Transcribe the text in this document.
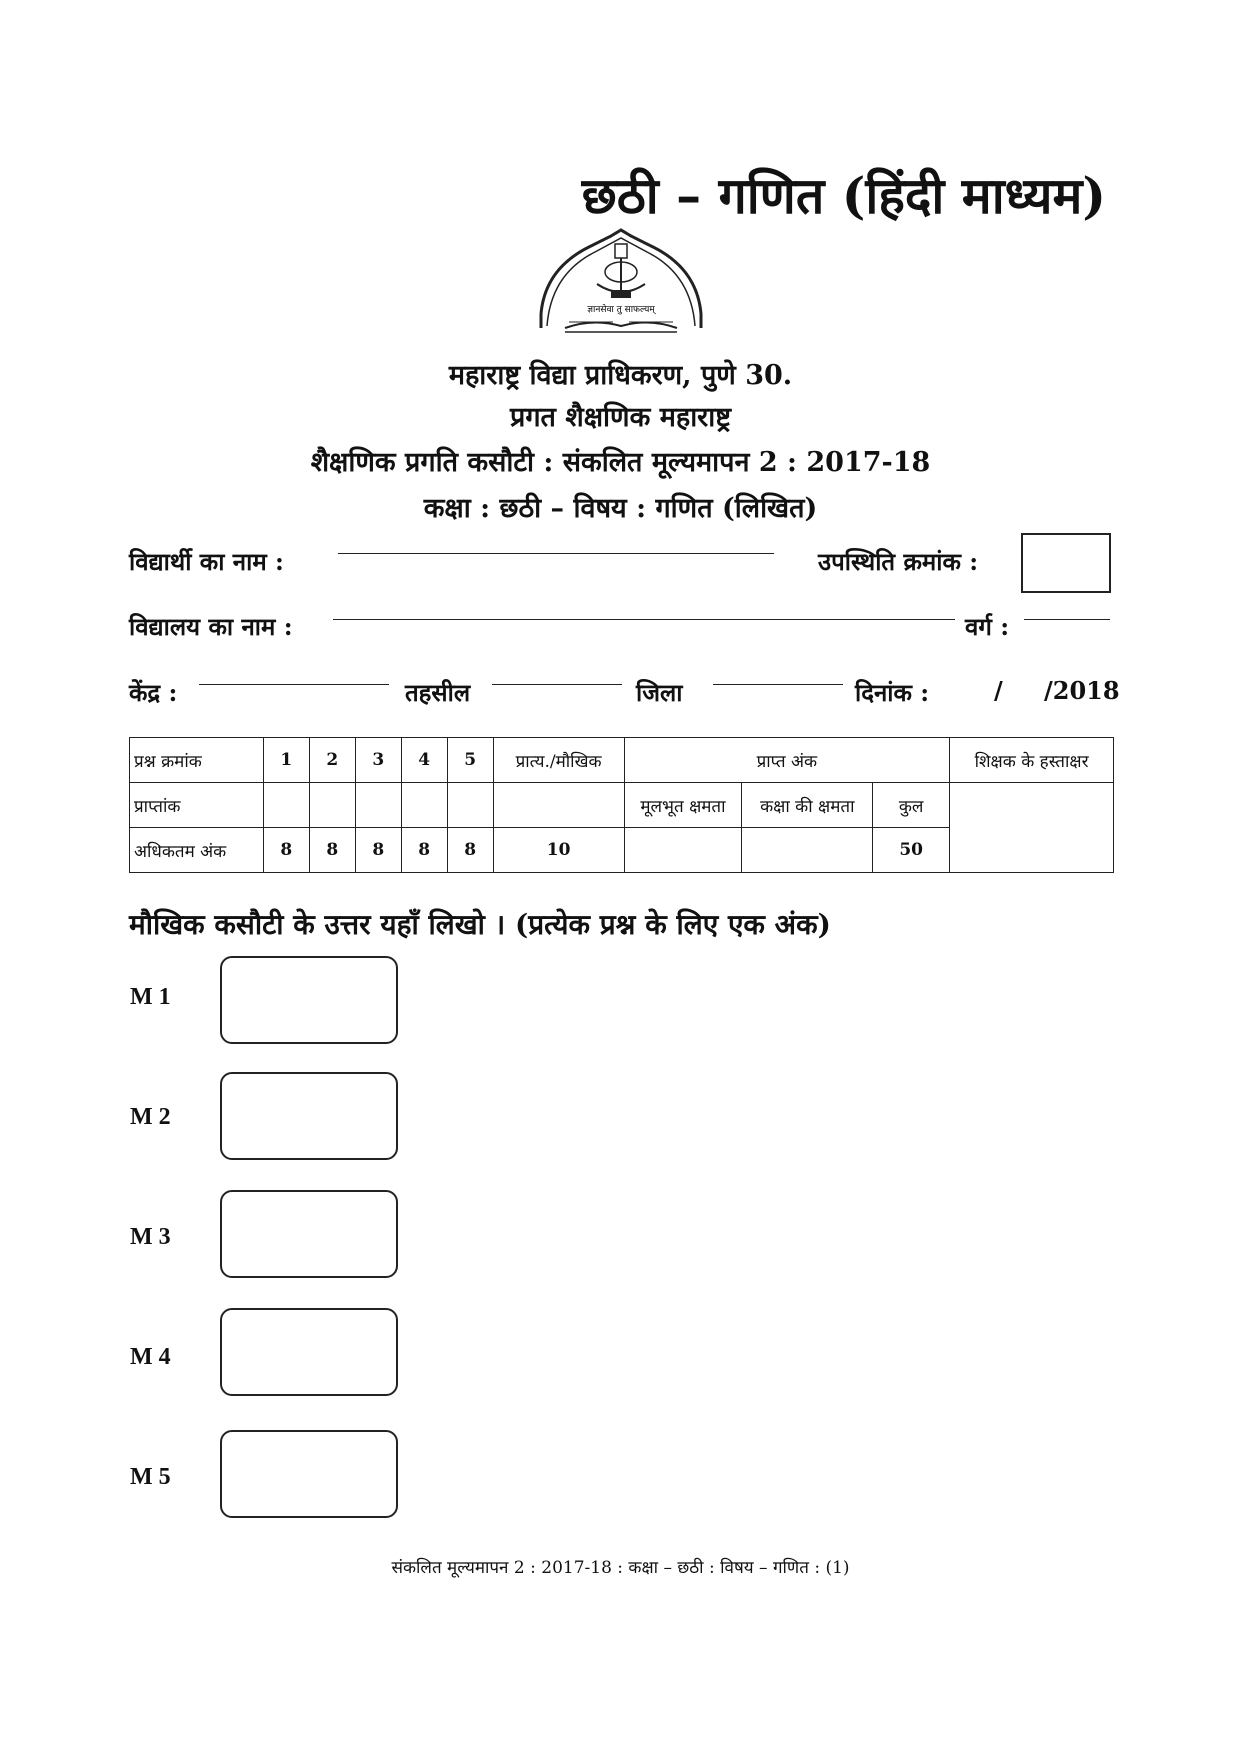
छठी – गणित (हिंदी माध्यम)
ज्ञानसेवा तु साफल्यम्
महाराष्ट्र विद्या प्राधिकरण, पुणे 30.
प्रगत शैक्षणिक महाराष्ट्र
शैक्षणिक प्रगति कसौटी : संकलित मूल्यमापन 2 : 2017-18
कक्षा : छठी – विषय : गणित (लिखित)
विद्यार्थी का नाम :	उपस्थिति क्रमांक :
विद्यालय का नाम :	वर्ग :
केंद्र :	तहसील	जिला	दिनांक :	/ /2018
प्रश्न क्रमांक	1	2	3	4	5	प्रात्य./मौखिक	प्राप्त अंक			शिक्षक के हस्ताक्षर
प्राप्तांक							मूलभूत क्षमता	कक्षा की क्षमता	कुल	
अधिकतम अंक	8	8	8	8	8	10			50	
मौखिक कसौटी के उत्तर यहाँ लिखो । (प्रत्येक प्रश्न के लिए एक अंक)
M 1
M 2
M 3
M 4
M 5
संकलित मूल्यमापन 2 : 2017-18 : कक्षा – छठी : विषय – गणित : (1)
